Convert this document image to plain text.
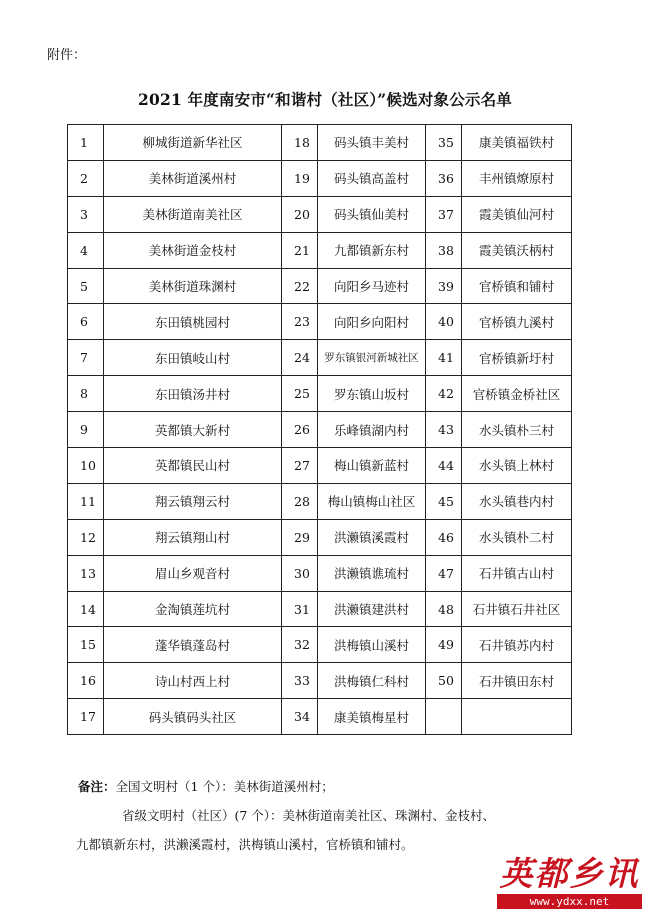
附件：
2021 年度南安市“和谐村（社区）”候选对象公示名单
1	柳城街道新华社区	18	码头镇丰美村	35	康美镇福铁村
2	美林街道溪州村	19	码头镇高盖村	36	丰州镇燎原村
3	美林街道南美社区	20	码头镇仙美村	37	霞美镇仙河村
4	美林街道金枝村	21	九都镇新东村	38	霞美镇沃柄村
5	美林街道珠渊村	22	向阳乡马迹村	39	官桥镇和铺村
6	东田镇桃园村	23	向阳乡向阳村	40	官桥镇九溪村
7	东田镇岐山村	24	罗东镇银河新城社区	41	官桥镇新圩村
8	东田镇汤井村	25	罗东镇山坂村	42	官桥镇金桥社区
9	英都镇大新村	26	乐峰镇湖内村	43	水头镇朴三村
10	英都镇民山村	27	梅山镇新蓝村	44	水头镇上林村
11	翔云镇翔云村	28	梅山镇梅山社区	45	水头镇巷内村
12	翔云镇翔山村	29	洪濑镇溪霞村	46	水头镇朴二村
13	眉山乡观音村	30	洪濑镇谯琉村	47	石井镇古山村
14	金淘镇莲坑村	31	洪濑镇建洪村	48	石井镇石井社区
15	蓬华镇蓬岛村	32	洪梅镇山溪村	49	石井镇苏内村
16	诗山村西上村	33	洪梅镇仁科村	50	石井镇田东村
17	码头镇码头社区	34	康美镇梅星村		
备注：全国文明村（1 个）：美林街道溪州村；
省级文明村（社区）(7 个）：美林街道南美社区、珠渊村、金枝村、
九都镇新东村，洪濑溪霞村，洪梅镇山溪村，官桥镇和铺村。
英都乡讯
www.ydxx.net
